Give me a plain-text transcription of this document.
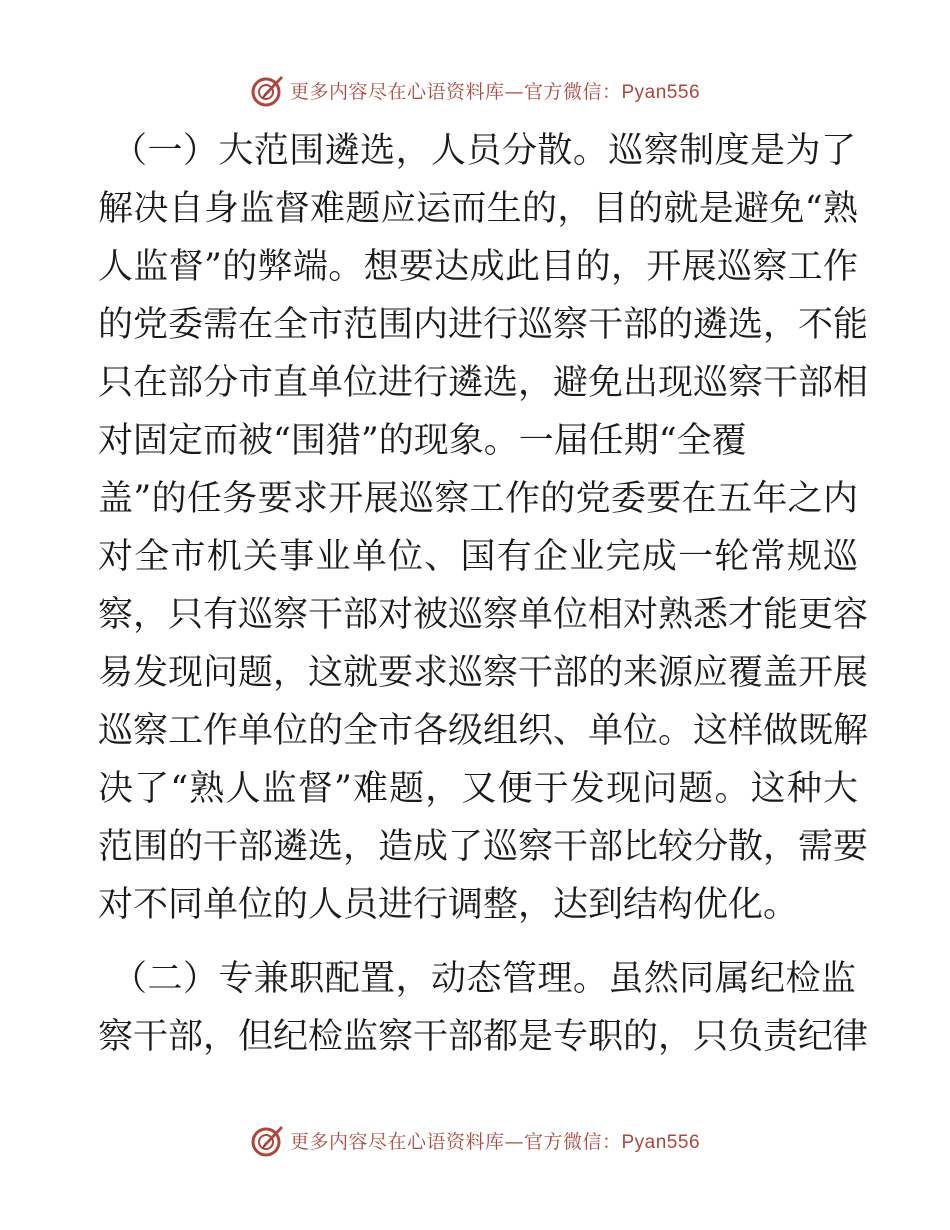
更多内容尽在心语资料库—官方微信：Pyan556
（一）大范围遴选，人员分散。巡察制度是为了
解决自身监督难题应运而生的，目的就是避免“熟
人监督”的弊端。想要达成此目的，开展巡察工作
的党委需在全市范围内进行巡察干部的遴选，不能
只在部分市直单位进行遴选，避免出现巡察干部相
对固定而被“围猎”的现象。一届任期“全覆
盖”的任务要求开展巡察工作的党委要在五年之内
对全市机关事业单位、国有企业完成一轮常规巡
察，只有巡察干部对被巡察单位相对熟悉才能更容
易发现问题，这就要求巡察干部的来源应覆盖开展
巡察工作单位的全市各级组织、单位。这样做既解
决了“熟人监督”难题，又便于发现问题。这种大
范围的干部遴选，造成了巡察干部比较分散，需要
对不同单位的人员进行调整，达到结构优化。
（二）专兼职配置，动态管理。虽然同属纪检监
察干部，但纪检监察干部都是专职的，只负责纪律
更多内容尽在心语资料库—官方微信：Pyan556
